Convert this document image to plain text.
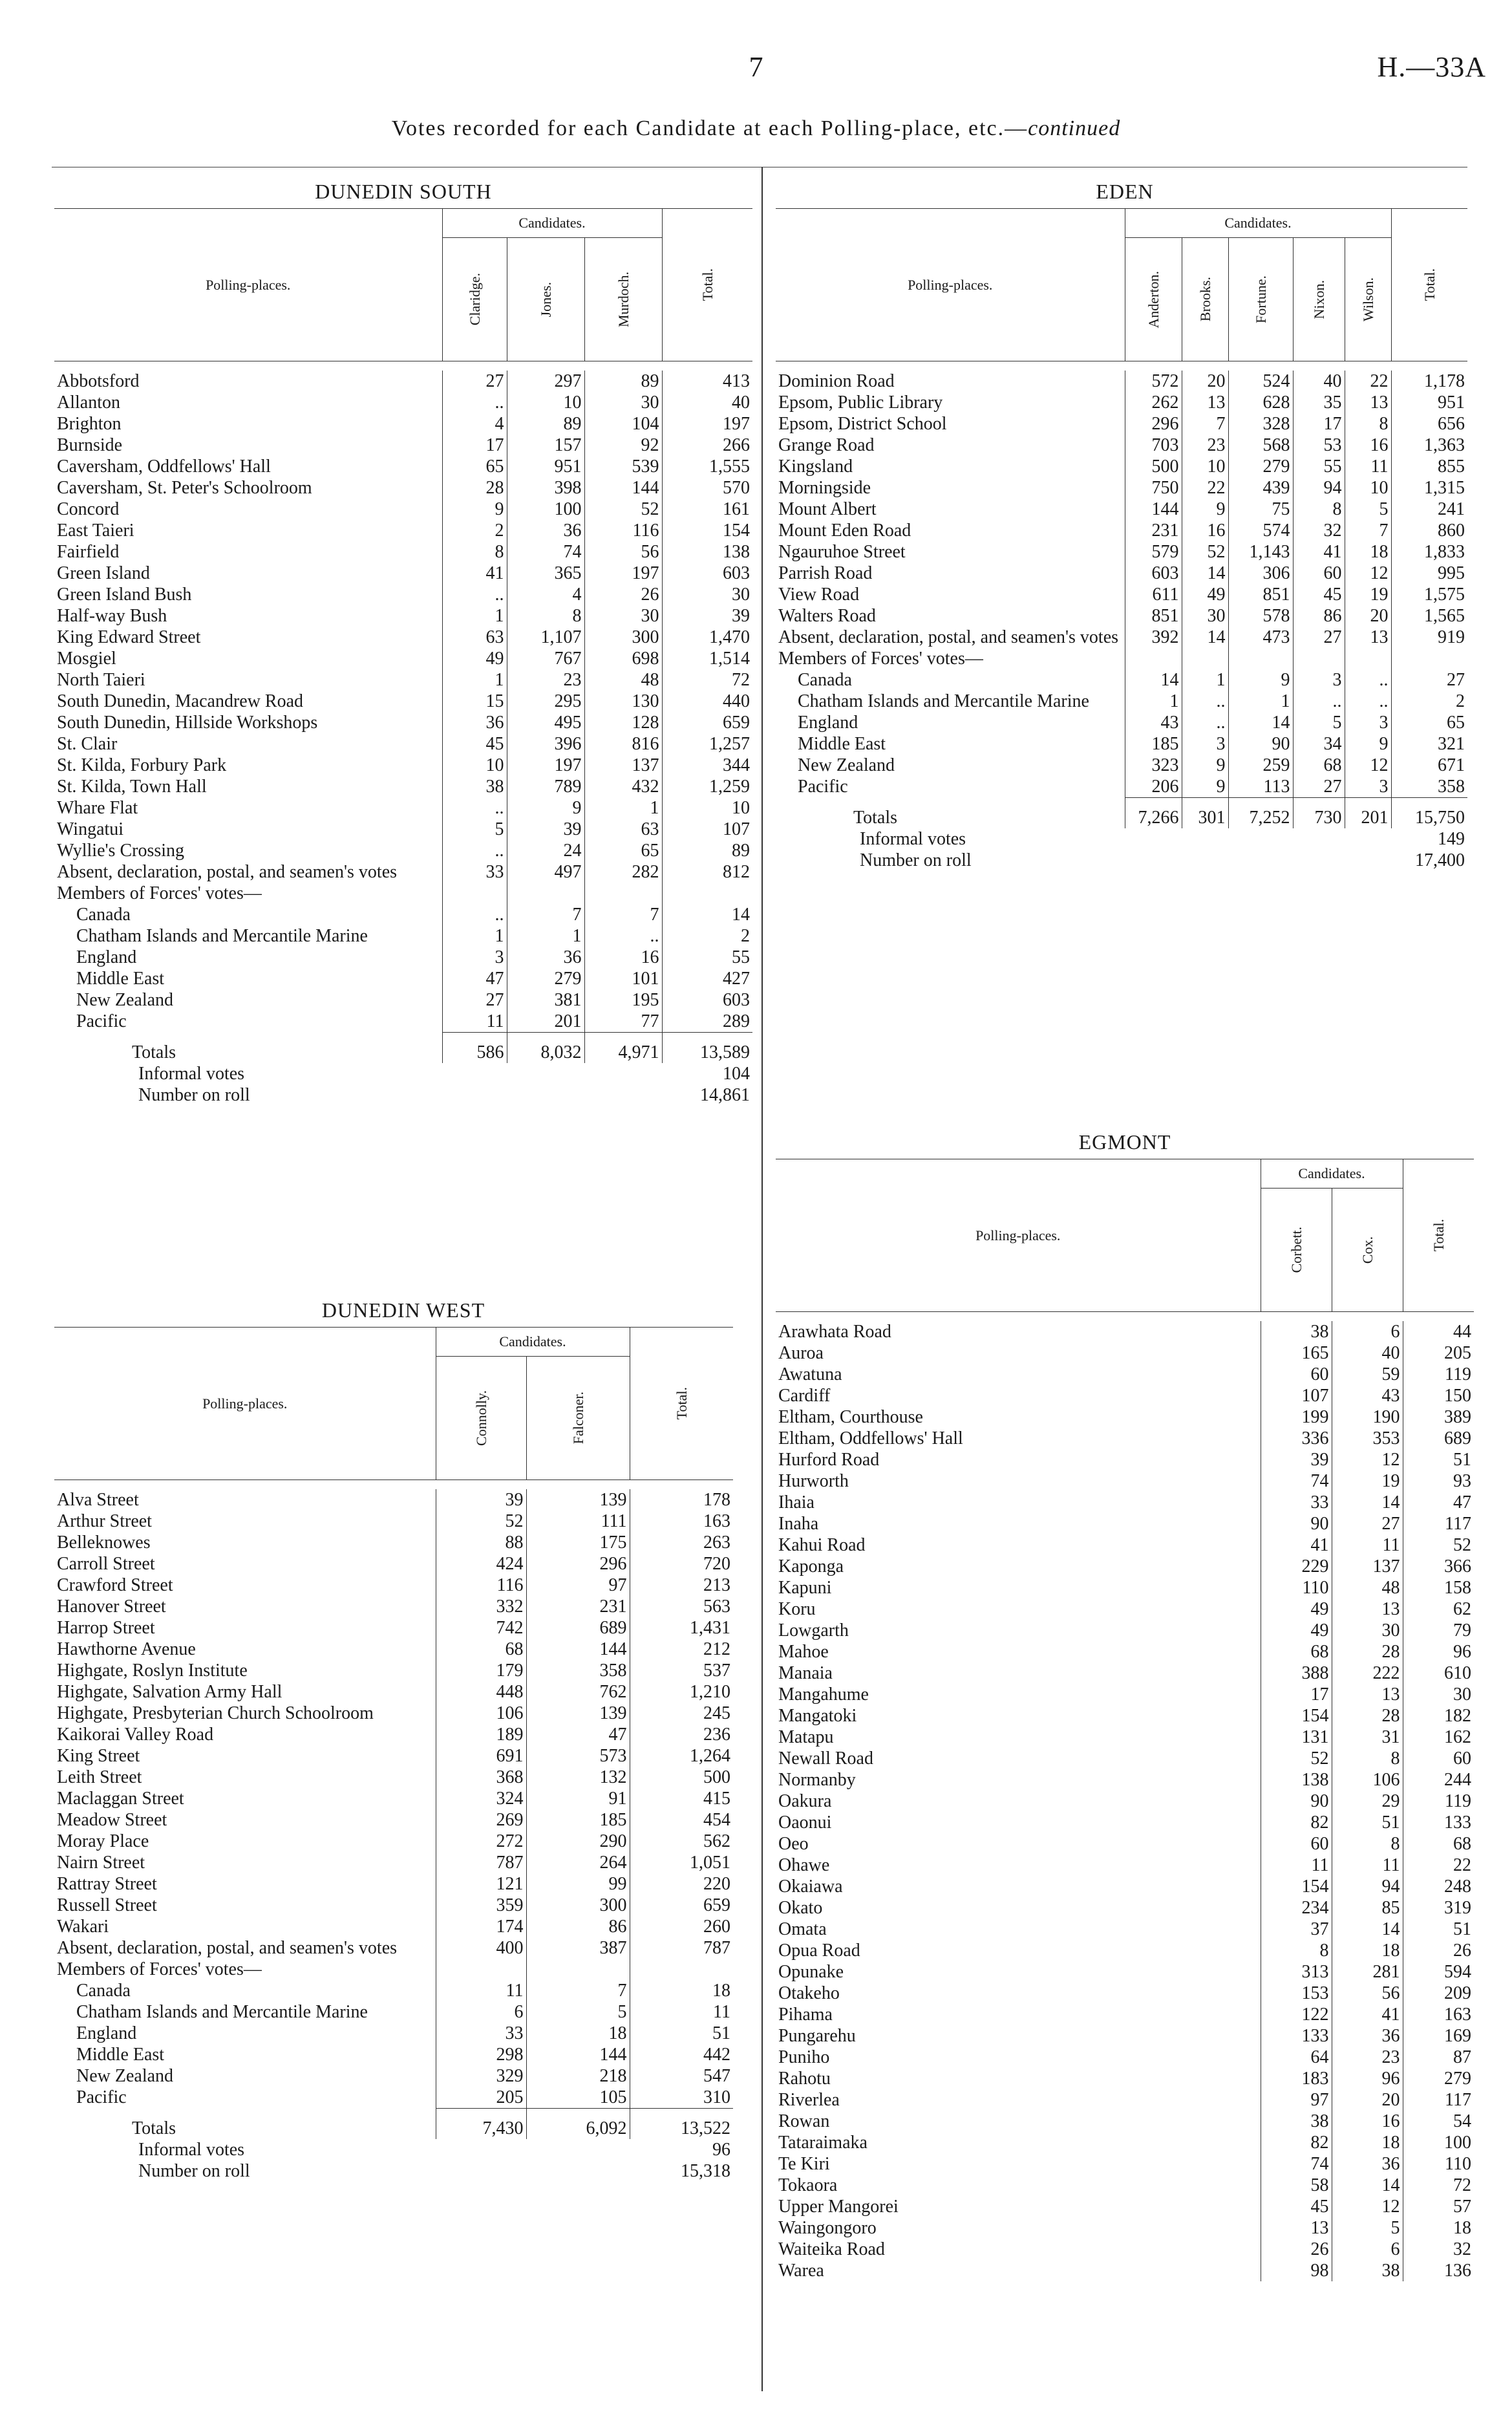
7	H.—33A
Votes recorded for each Candidate at each Polling-place, etc.—continued
DUNEDIN SOUTH
Polling-places.	Candidates.			Total.

	Claridge.	Jones.	Murdoch.	

Abbotsford	27	297	89	413
Allanton	..	10	30	40
Brighton	4	89	104	197
Burnside	17	157	92	266
Caversham, Oddfellows' Hall	65	951	539	1,555
Caversham, St. Peter's Schoolroom	28	398	144	570
Concord	9	100	52	161
East Taieri	2	36	116	154
Fairfield	8	74	56	138
Green Island	41	365	197	603
Green Island Bush	..	4	26	30
Half-way Bush	1	8	30	39
King Edward Street	63	1,107	300	1,470
Mosgiel	49	767	698	1,514
North Taieri	1	23	48	72
South Dunedin, Macandrew Road	15	295	130	440
South Dunedin, Hillside Workshops	36	495	128	659
St. Clair	45	396	816	1,257
St. Kilda, Forbury Park	10	197	137	344
St. Kilda, Town Hall	38	789	432	1,259
Whare Flat	..	9	1	10
Wingatui	5	39	63	107
Wyllie's Crossing	..	24	65	89
Absent, declaration, postal, and seamen's votes	33	497	282	812
Members of Forces' votes—				
Canada	..	7	7	14
Chatham Islands and Mercantile Marine	1	1	..	2
England	3	36	16	55
Middle East	47	279	101	427
New Zealand	27	381	195	603
Pacific	11	201	77	289
Totals	586	8,032	4,971	13,589
Informal votes			104	
Number on roll			14,861	
DUNEDIN WEST
Polling-places.	Candidates.		Total.

	Connolly.	Falconer.	

Alva Street	39	139	178
Arthur Street	52	111	163
Belleknowes	88	175	263
Carroll Street	424	296	720
Crawford Street	116	97	213
Hanover Street	332	231	563
Harrop Street	742	689	1,431
Hawthorne Avenue	68	144	212
Highgate, Roslyn Institute	179	358	537
Highgate, Salvation Army Hall	448	762	1,210
Highgate, Presbyterian Church Schoolroom	106	139	245
Kaikorai Valley Road	189	47	236
King Street	691	573	1,264
Leith Street	368	132	500
Maclaggan Street	324	91	415
Meadow Street	269	185	454
Moray Place	272	290	562
Nairn Street	787	264	1,051
Rattray Street	121	99	220
Russell Street	359	300	659
Wakari	174	86	260
Absent, declaration, postal, and seamen's votes	400	387	787
Members of Forces' votes—			
Canada	11	7	18
Chatham Islands and Mercantile Marine	6	5	11
England	33	18	51
Middle East	298	144	442
New Zealand	329	218	547
Pacific	205	105	310
Totals	7,430	6,092	13,522
Informal votes		96	
Number on roll		15,318	
EDEN
Polling-places.	Candidates.					Total.

	Anderton.	Brooks.	Fortune.	Nixon.	Wilson.	

Dominion Road	572	20	524	40	22	1,178
Epsom, Public Library	262	13	628	35	13	951
Epsom, District School	296	7	328	17	8	656
Grange Road	703	23	568	53	16	1,363
Kingsland	500	10	279	55	11	855
Morningside	750	22	439	94	10	1,315
Mount Albert	144	9	75	8	5	241
Mount Eden Road	231	16	574	32	7	860
Ngauruhoe Street	579	52	1,143	41	18	1,833
Parrish Road	603	14	306	60	12	995
View Road	611	49	851	45	19	1,575
Walters Road	851	30	578	86	20	1,565
Absent, declaration, postal, and seamen's votes	392	14	473	27	13	919
Members of Forces' votes—						
Canada	14	1	9	3	..	27
Chatham Islands and Mercantile Marine	1	..	1	..	..	2
England	43	..	14	5	3	65
Middle East	185	3	90	34	9	321
New Zealand	323	9	259	68	12	671
Pacific	206	9	113	27	3	358
Totals	7,266	301	7,252	730	201	15,750
Informal votes					149	
Number on roll					17,400	
EGMONT
Polling-places.	Candidates.		Total.

	Corbett.	Cox.	

Arawhata Road	38	6	44
Auroa	165	40	205
Awatuna	60	59	119
Cardiff	107	43	150
Eltham, Courthouse	199	190	389
Eltham, Oddfellows' Hall	336	353	689
Hurford Road	39	12	51
Hurworth	74	19	93
Ihaia	33	14	47
Inaha	90	27	117
Kahui Road	41	11	52
Kaponga	229	137	366
Kapuni	110	48	158
Koru	49	13	62
Lowgarth	49	30	79
Mahoe	68	28	96
Manaia	388	222	610
Mangahume	17	13	30
Mangatoki	154	28	182
Matapu	131	31	162
Newall Road	52	8	60
Normanby	138	106	244
Oakura	90	29	119
Oaonui	82	51	133
Oeo	60	8	68
Ohawe	11	11	22
Okaiawa	154	94	248
Okato	234	85	319
Omata	37	14	51
Opua Road	8	18	26
Opunake	313	281	594
Otakeho	153	56	209
Pihama	122	41	163
Pungarehu	133	36	169
Puniho	64	23	87
Rahotu	183	96	279
Riverlea	97	20	117
Rowan	38	16	54
Tataraimaka	82	18	100
Te Kiri	74	36	110
Tokaora	58	14	72
Upper Mangorei	45	12	57
Waingongoro	13	5	18
Waiteika Road	26	6	32
Warea	98	38	136
